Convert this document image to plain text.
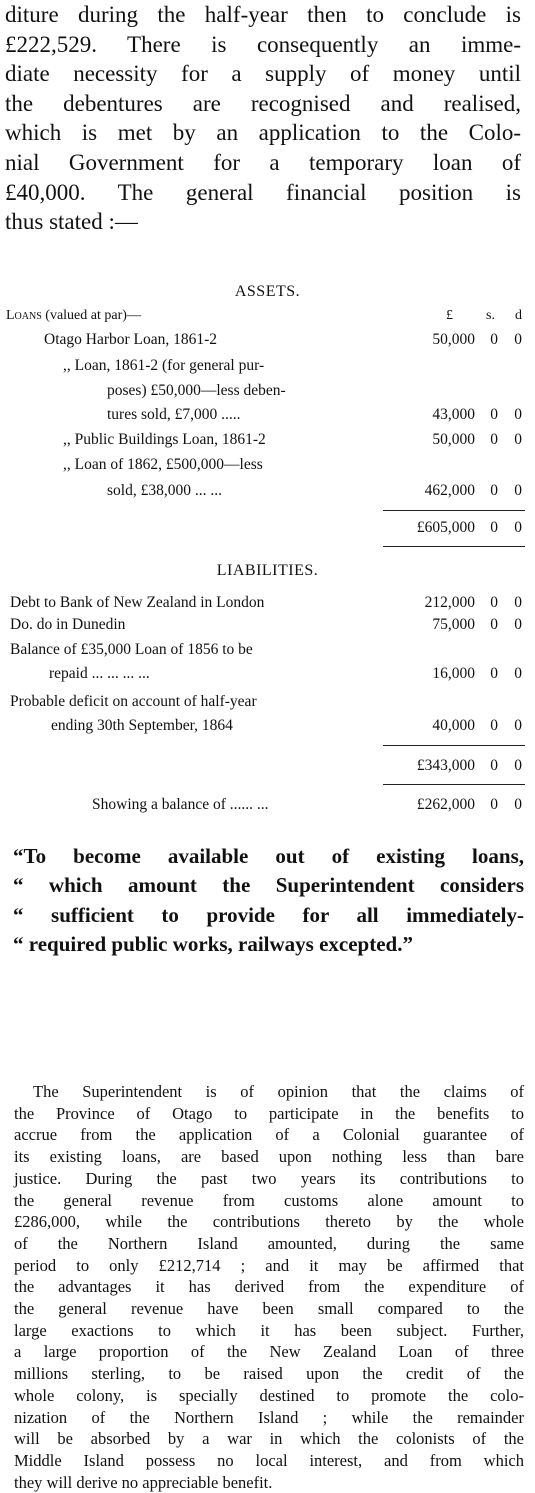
diture during the half-year then to conclude is
£222,529. There is consequently an imme-
diate necessity for a supply of money until
the debentures are recognised and realised,
which is met by an application to the Colo-
nial Government for a temporary loan of
£40,000. The general financial position is
thus stated :—
ASSETS.
Loans (valued at par)—	£ s. d
Otago Harbor Loan, 1861-2	50,000 0 0
,, Loan, 1861-2 (for general pur-
poses) £50,000—less deben-
tures sold, £7,000 .....	43,000 0 0
,, Public Buildings Loan, 1861-2	50,000 0 0
,, Loan of 1862, £500,000—less
sold, £38,000 ... ...	462,000 0 0
£605,000 0 0
LIABILITIES.
Debt to Bank of New Zealand in London	212,000 0 0
Do. do in Dunedin	75,000 0 0
Balance of £35,000 Loan of 1856 to be
repaid ... ... ... ...	16,000 0 0
Probable deficit on account of half-year
ending 30th September, 1864	40,000 0 0
£343,000 0 0
Showing a balance of ...... ...	£262,000 0 0
“To become available out of existing loans,
“ which amount the Superintendent considers
“ sufficient to provide for all immediately-
“ required public works, railways excepted.”
The Superintendent is of opinion that the claims of
the Province of Otago to participate in the benefits to
accrue from the application of a Colonial guarantee of
its existing loans, are based upon nothing less than bare
justice. During the past two years its contributions to
the general revenue from customs alone amount to
£286,000, while the contributions thereto by the whole
of the Northern Island amounted, during the same
period to only £212,714 ; and it may be affirmed that
the advantages it has derived from the expenditure of
the general revenue have been small compared to the
large exactions to which it has been subject. Further,
a large proportion of the New Zealand Loan of three
millions sterling, to be raised upon the credit of the
whole colony, is specially destined to promote the colo-
nization of the Northern Island ; while the remainder
will be absorbed by a war in which the colonists of the
Middle Island possess no local interest, and from which
they will derive no appreciable benefit.
